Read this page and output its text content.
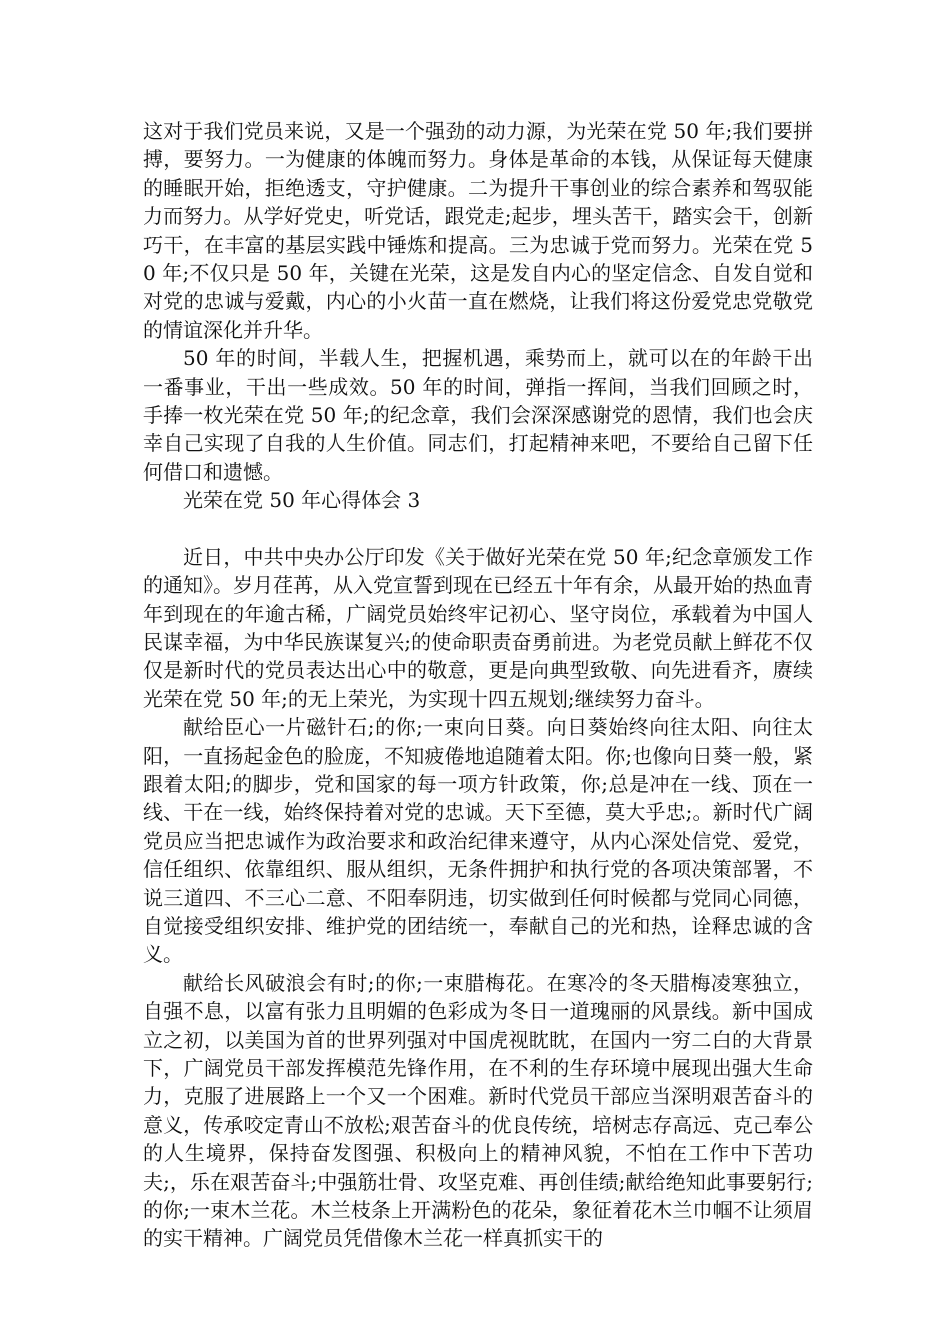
这对于我们党员来说，又是一个强劲的动力源，为光荣在党 50 年;我们要拼搏，要努力。一为健康的体魄而努力。身体是革命的本钱，从保证每天健康的睡眠开始，拒绝透支，守护健康。二为提升干事创业的综合素养和驾驭能力而努力。从学好党史，听党话，跟党走;起步，埋头苦干，踏实会干，创新巧干，在丰富的基层实践中锤炼和提高。三为忠诚于党而努力。光荣在党 50 年;不仅只是 50 年，关键在光荣，这是发自内心的坚定信念、自发自觉和对党的忠诚与爱戴，内心的小火苗一直在燃烧，让我们将这份爱党忠党敬党的情谊深化并升华。

50 年的时间，半载人生，把握机遇，乘势而上，就可以在的年龄干出一番事业，干出一些成效。50 年的时间，弹指一挥间，当我们回顾之时，手捧一枚光荣在党 50 年;的纪念章，我们会深深感谢党的恩情，我们也会庆幸自己实现了自我的人生价值。同志们，打起精神来吧，不要给自己留下任何借口和遗憾。

光荣在党 50 年心得体会 3

近日，中共中央办公厅印发《关于做好光荣在党 50 年;纪念章颁发工作的通知》。岁月荏苒，从入党宣誓到现在已经五十年有余，从最开始的热血青年到现在的年逾古稀，广阔党员始终牢记初心、坚守岗位，承载着为中国人民谋幸福，为中华民族谋复兴;的使命职责奋勇前进。为老党员献上鲜花不仅仅是新时代的党员表达出心中的敬意，更是向典型致敬、向先进看齐，赓续光荣在党 50 年;的无上荣光，为实现十四五规划;继续努力奋斗。

献给臣心一片磁针石;的你;一束向日葵。向日葵始终向往太阳、向往太阳，一直扬起金色的脸庞，不知疲倦地追随着太阳。你;也像向日葵一般，紧跟着太阳;的脚步，党和国家的每一项方针政策，你;总是冲在一线、顶在一线、干在一线，始终保持着对党的忠诚。天下至德，莫大乎忠;。新时代广阔党员应当把忠诚作为政治要求和政治纪律来遵守，从内心深处信党、爱党，信任组织、依靠组织、服从组织，无条件拥护和执行党的各项决策部署，不说三道四、不三心二意、不阳奉阴违，切实做到任何时候都与党同心同德，自觉接受组织安排、维护党的团结统一，奉献自己的光和热，诠释忠诚的含义。

献给长风破浪会有时;的你;一束腊梅花。在寒冷的冬天腊梅凌寒独立，自强不息，以富有张力且明媚的色彩成为冬日一道瑰丽的风景线。新中国成立之初，以美国为首的世界列强对中国虎视眈眈，在国内一穷二白的大背景下，广阔党员干部发挥模范先锋作用，在不利的生存环境中展现出强大生命力，克服了进展路上一个又一个困难。新时代党员干部应当深明艰苦奋斗的意义，传承咬定青山不放松;艰苦奋斗的优良传统，培树志存高远、克己奉公的人生境界，保持奋发图强、积极向上的精神风貌，不怕在工作中下苦功夫;，乐在艰苦奋斗;中强筋壮骨、攻坚克难、再创佳绩;献给绝知此事要躬行;的你;一束木兰花。木兰枝条上开满粉色的花朵，象征着花木兰巾帼不让须眉的实干精神。广阔党员凭借像木兰花一样真抓实干的
